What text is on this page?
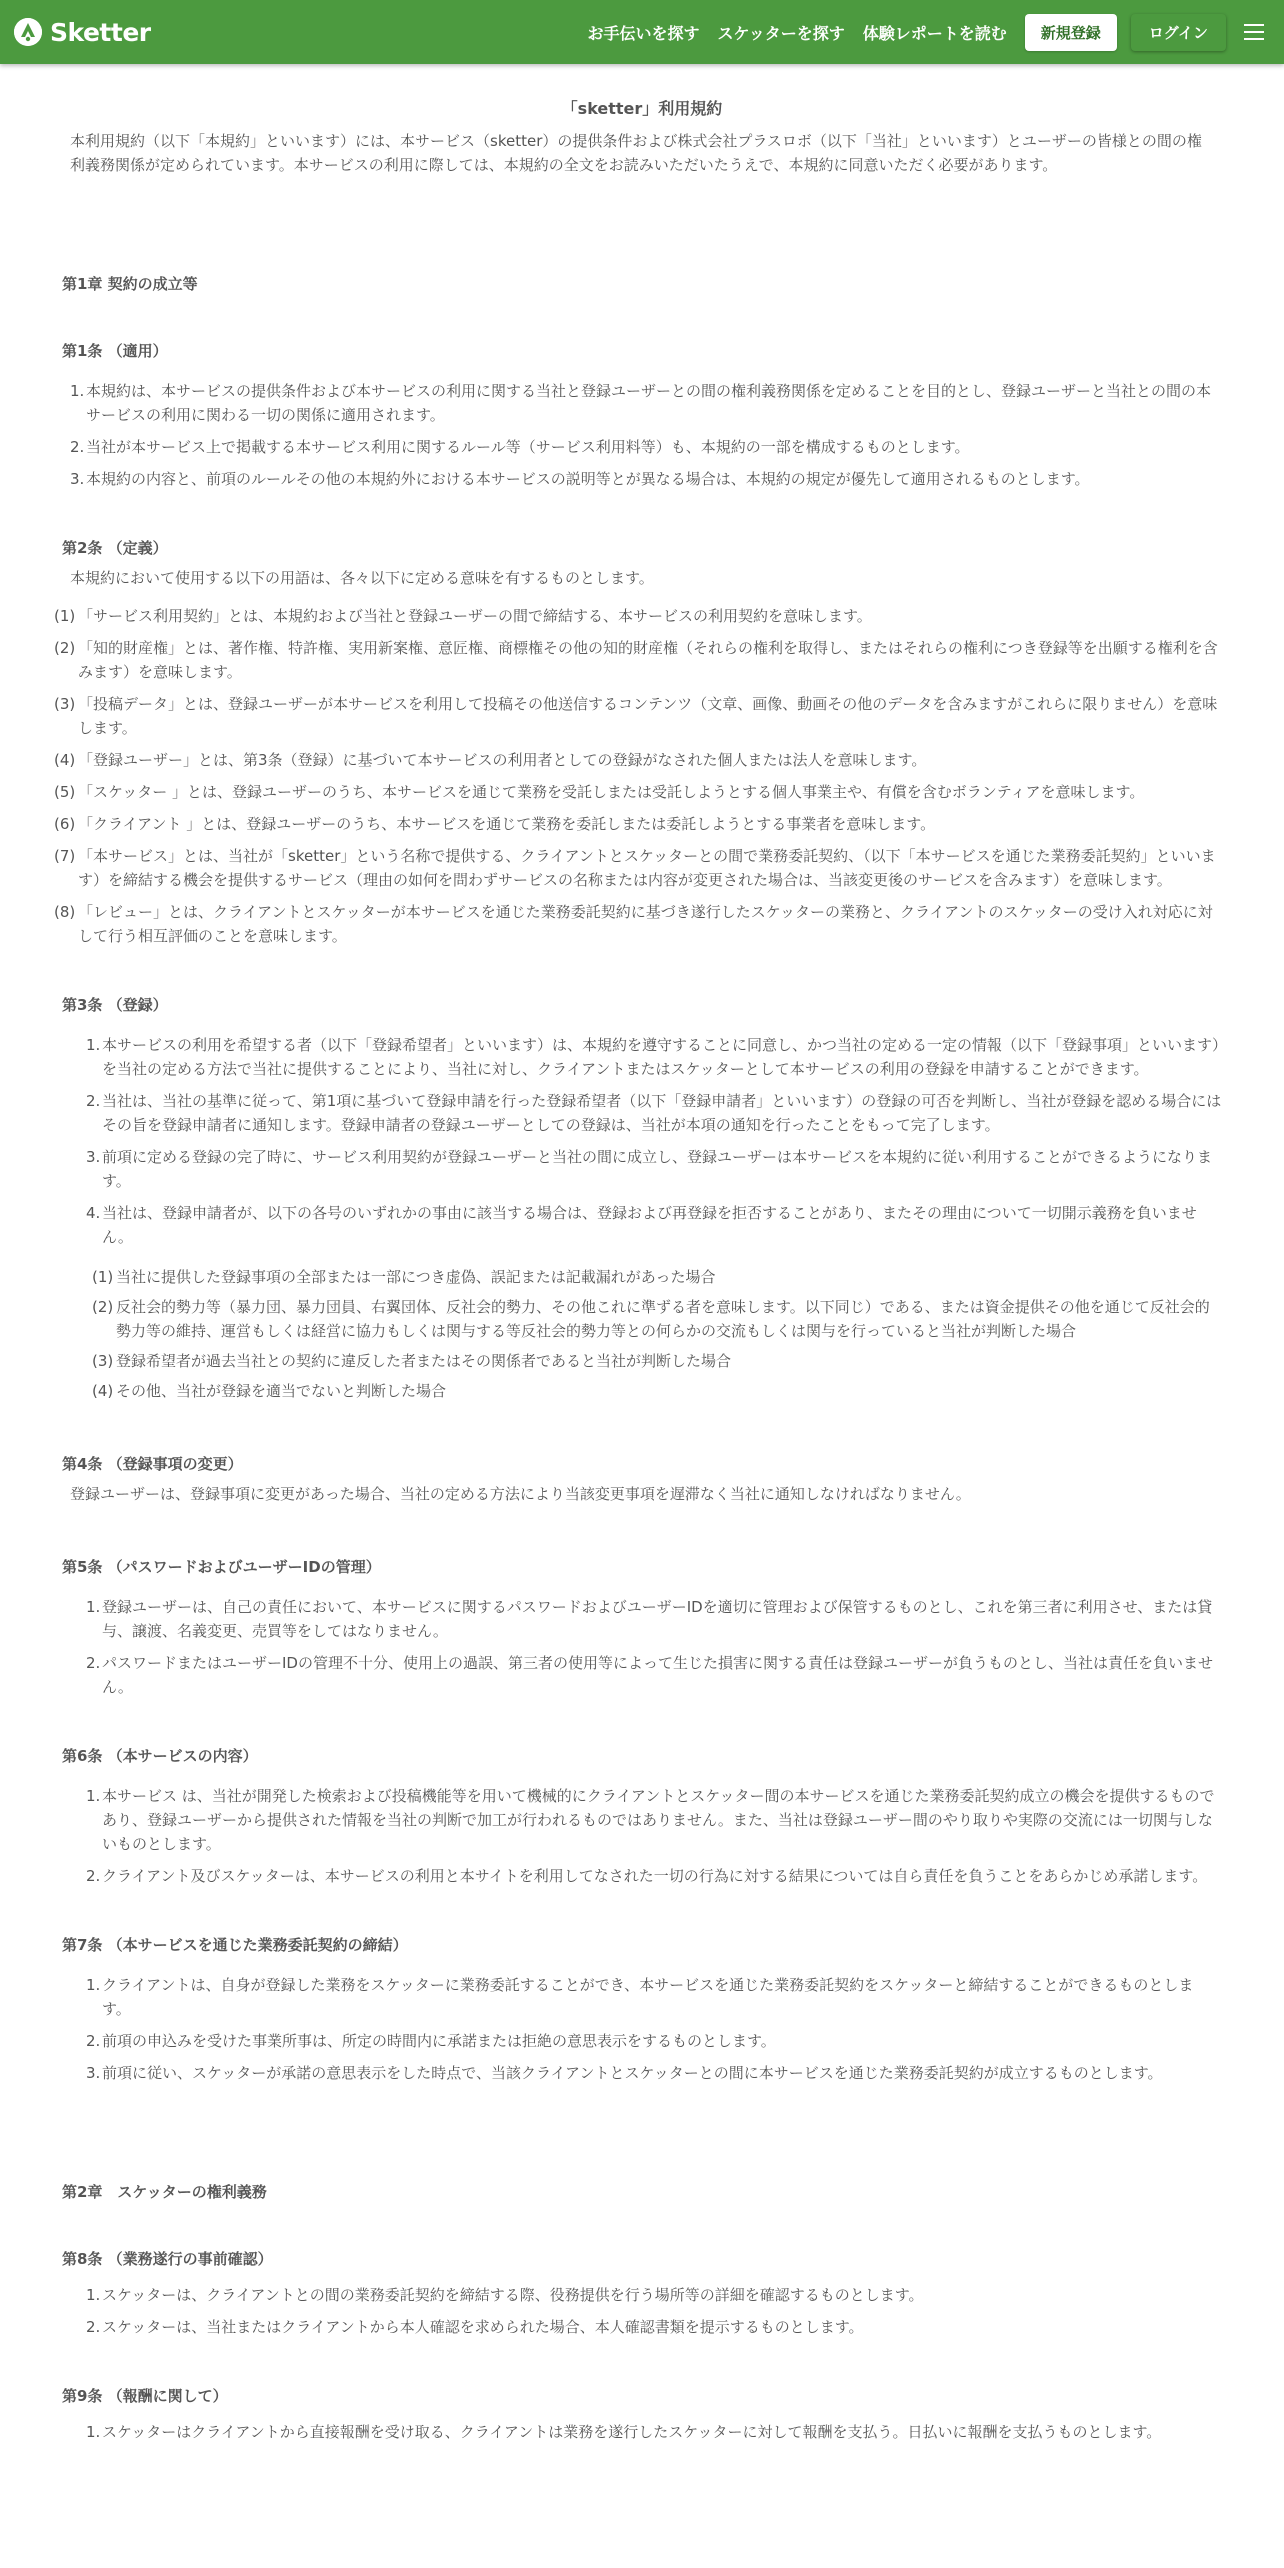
Sketter	お手伝いを探す スケッターを探す 体験レポートを読む	新規登録	ログイン
「sketter」利用規約
本利用規約（以下「本規約」といいます）には、本サービス（sketter）の提供条件および株式会社プラスロボ（以下「当社」といいます）とユーザーの皆様との間の権利義務関係が定められています。本サービスの利用に際しては、本規約の全文をお読みいただいたうえで、本規約に同意いただく必要があります。
第1章 契約の成立等
第1条 （適用）
1. 本規約は、本サービスの提供条件および本サービスの利用に関する当社と登録ユーザーとの間の権利義務関係を定めることを目的とし、登録ユーザーと当社との間の本サービスの利用に関わる一切の関係に適用されます。
2. 当社が本サービス上で掲載する本サービス利用に関するルール等（サービス利用料等）も、本規約の一部を構成するものとします。
3. 本規約の内容と、前項のルールその他の本規約外における本サービスの説明等とが異なる場合は、本規約の規定が優先して適用されるものとします。
第2条 （定義）
本規約において使用する以下の用語は、各々以下に定める意味を有するものとします。
(1) 「サービス利用契約」とは、本規約および当社と登録ユーザーの間で締結する、本サービスの利用契約を意味します。
(2) 「知的財産権」とは、著作権、特許権、実用新案権、意匠権、商標権その他の知的財産権（それらの権利を取得し、またはそれらの権利につき登録等を出願する権利を含みます）を意味します。
(3) 「投稿データ」とは、登録ユーザーが本サービスを利用して投稿その他送信するコンテンツ（文章、画像、動画その他のデータを含みますがこれらに限りません）を意味します。
(4) 「登録ユーザー」とは、第3条（登録）に基づいて本サービスの利用者としての登録がなされた個人または法人を意味します。
(5) 「スケッター 」とは、登録ユーザーのうち、本サービスを通じて業務を受託しまたは受託しようとする個人事業主や、有償を含むボランティアを意味します。
(6) 「クライアント 」とは、登録ユーザーのうち、本サービスを通じて業務を委託しまたは委託しようとする事業者を意味します。
(7) 「本サービス」とは、当社が「sketter」という名称で提供する、クライアントとスケッターとの間で業務委託契約、（以下「本サービスを通じた業務委託契約」といいます）を締結する機会を提供するサービス（理由の如何を問わずサービスの名称または内容が変更された場合は、当該変更後のサービスを含みます）を意味します。
(8) 「レビュー」とは、クライアントとスケッターが本サービスを通じた業務委託契約に基づき遂行したスケッターの業務と、クライアントのスケッターの受け入れ対応に対して行う相互評価のことを意味します。
第3条 （登録）
1. 本サービスの利用を希望する者（以下「登録希望者」といいます）は、本規約を遵守することに同意し、かつ当社の定める一定の情報（以下「登録事項」といいます）を当社の定める方法で当社に提供することにより、当社に対し、クライアントまたはスケッターとして本サービスの利用の登録を申請することができます。
2. 当社は、当社の基準に従って、第1項に基づいて登録申請を行った登録希望者（以下「登録申請者」といいます）の登録の可否を判断し、当社が登録を認める場合にはその旨を登録申請者に通知します。登録申請者の登録ユーザーとしての登録は、当社が本項の通知を行ったことをもって完了します。
3. 前項に定める登録の完了時に、サービス利用契約が登録ユーザーと当社の間に成立し、登録ユーザーは本サービスを本規約に従い利用することができるようになります。
4. 当社は、登録申請者が、以下の各号のいずれかの事由に該当する場合は、登録および再登録を拒否することがあり、またその理由について一切開示義務を負いません。
(1) 当社に提供した登録事項の全部または一部につき虚偽、誤記または記載漏れがあった場合
(2) 反社会的勢力等（暴力団、暴力団員、右翼団体、反社会的勢力、その他これに準ずる者を意味します。以下同じ）である、または資金提供その他を通じて反社会的勢力等の維持、運営もしくは経営に協力もしくは関与する等反社会的勢力等との何らかの交流もしくは関与を行っていると当社が判断した場合
(3) 登録希望者が過去当社との契約に違反した者またはその関係者であると当社が判断した場合
(4) その他、当社が登録を適当でないと判断した場合
第4条 （登録事項の変更）
登録ユーザーは、登録事項に変更があった場合、当社の定める方法により当該変更事項を遅滞なく当社に通知しなければなりません。
第5条 （パスワードおよびユーザーIDの管理）
1. 登録ユーザーは、自己の責任において、本サービスに関するパスワードおよびユーザーIDを適切に管理および保管するものとし、これを第三者に利用させ、または貸与、譲渡、名義変更、売買等をしてはなりません。
2. パスワードまたはユーザーIDの管理不十分、使用上の過誤、第三者の使用等によって生じた損害に関する責任は登録ユーザーが負うものとし、当社は責任を負いません。
第6条 （本サービスの内容）
1. 本サービス は、当社が開発した検索および投稿機能等を用いて機械的にクライアントとスケッター間の本サービスを通じた業務委託契約成立の機会を提供するものであり、登録ユーザーから提供された情報を当社の判断で加工が行われるものではありません。また、当社は登録ユーザー間のやり取りや実際の交流には一切関与しないものとします。
2. クライアント及びスケッターは、本サービスの利用と本サイトを利用してなされた一切の行為に対する結果については自ら責任を負うことをあらかじめ承諾します。
第7条 （本サービスを通じた業務委託契約の締結）
1. クライアントは、自身が登録した業務をスケッターに業務委託することができ、本サービスを通じた業務委託契約をスケッターと締結することができるものとします。
2. 前項の申込みを受けた事業所事は、所定の時間内に承諾または拒絶の意思表示をするものとします。
3. 前項に従い、スケッターが承諾の意思表示をした時点で、当該クライアントとスケッターとの間に本サービスを通じた業務委託契約が成立するものとします。
第2章　スケッターの権利義務
第8条 （業務遂行の事前確認）
1. スケッターは、クライアントとの間の業務委託契約を締結する際、役務提供を行う場所等の詳細を確認するものとします。
2. スケッターは、当社またはクライアントから本人確認を求められた場合、本人確認書類を提示するものとします。
第9条 （報酬に関して）
1. スケッターはクライアントから直接報酬を受け取る、クライアントは業務を遂行したスケッターに対して報酬を支払う。日払いに報酬を支払うものとします。
